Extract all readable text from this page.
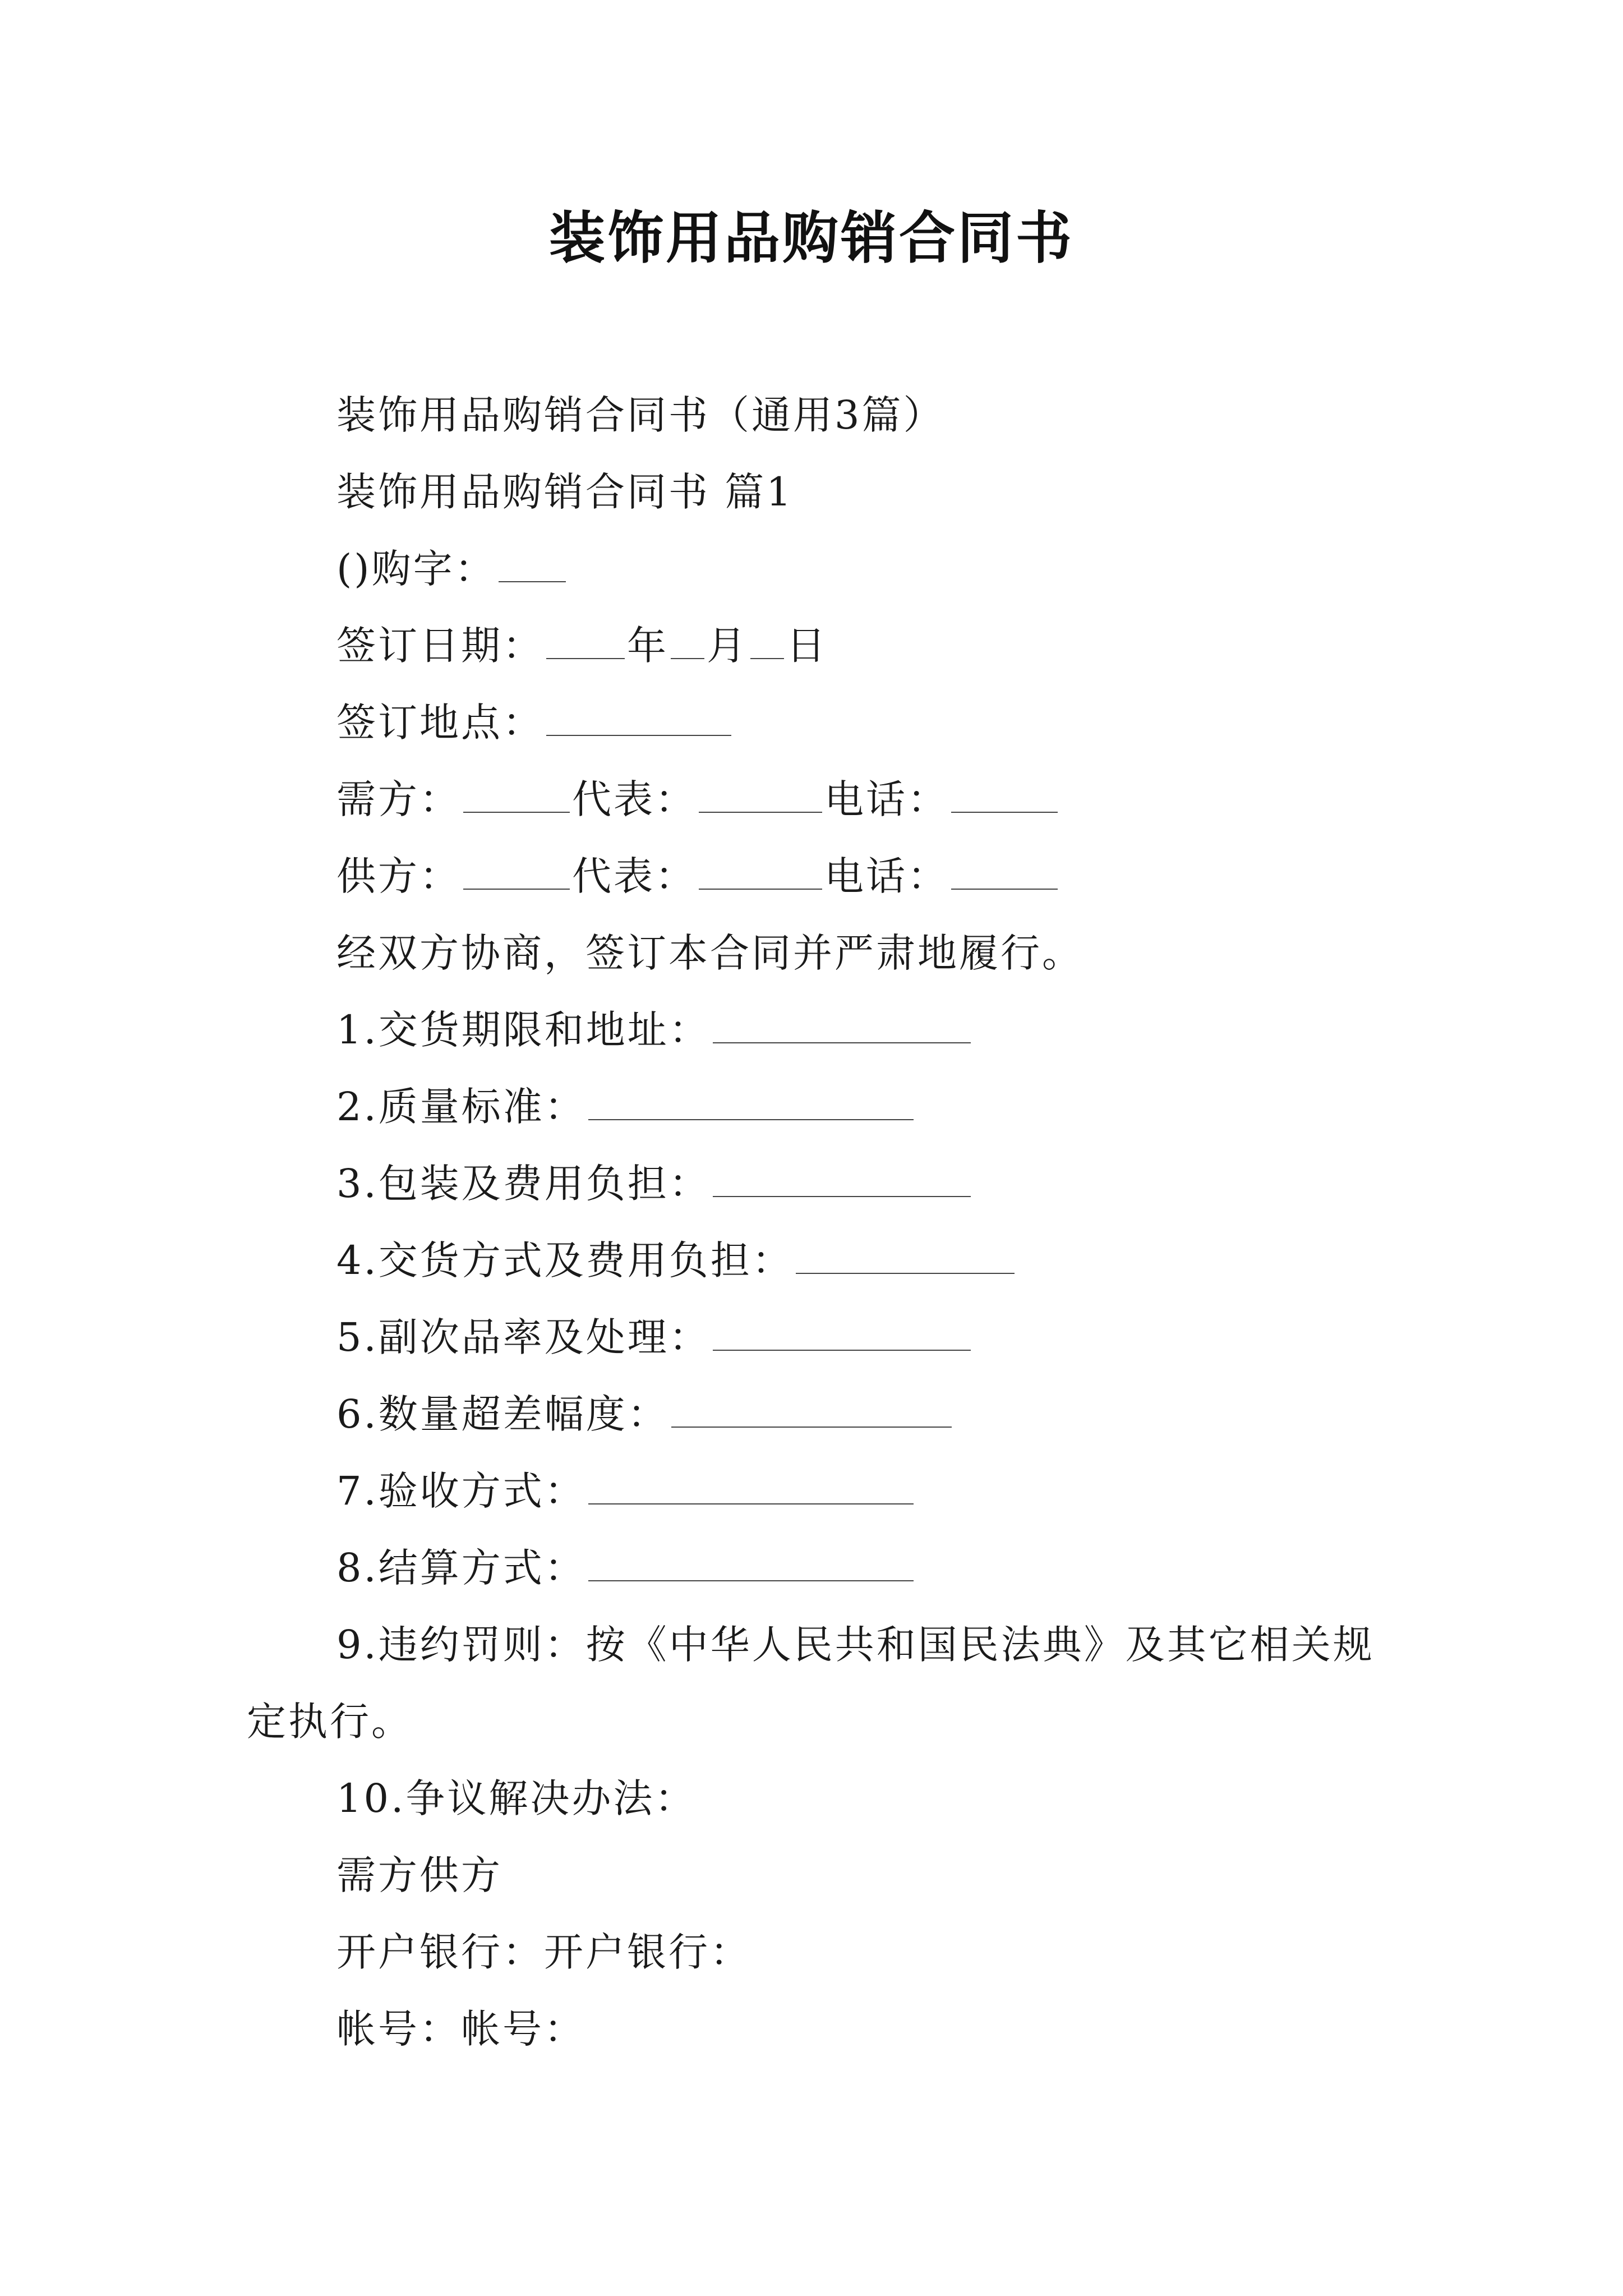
装饰用品购销合同书

装饰用品购销合同书（通用3篇）

装饰用品购销合同书 篇1

()购字：

签订日期： 年 月 日

签订地点：

需方：	代表：	电话：

供方：	代表：	电话：

经双方协商，签订本合同并严肃地履行。

1.交货期限和地址：

2.质量标准：

3.包装及费用负担：

4.交货方式及费用负担：

5.副次品率及处理：

6.数量超差幅度：

7.验收方式：

8.结算方式：

9.违约罚则：按《中华人民共和国民法典》及其它相关规定执行。

10.争议解决办法：

需方供方

开户银行：开户银行：

帐号：帐号：
